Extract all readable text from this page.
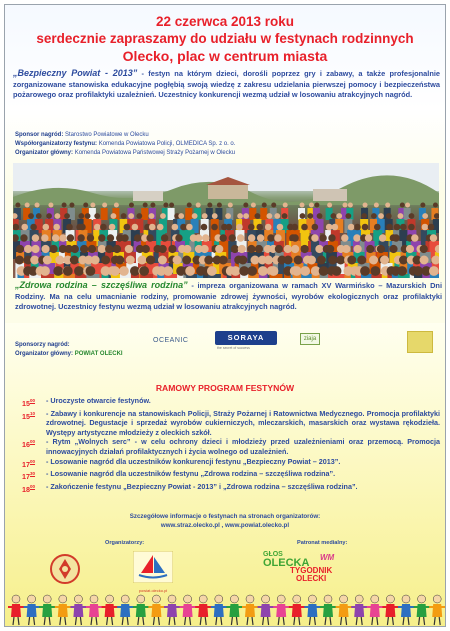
22 czerwca 2013 roku
serdecznie zapraszamy do udziału w festynach rodzinnych
Olecko, plac w centrum miasta
„Bezpieczny Powiat - 2013” - festyn na którym dzieci, dorośli poprzez gry i zabawy, a także profesjonalnie zorganizowane stanowiska edukacyjne pogłębią swoją wiedzę z zakresu udzielania pierwszej pomocy i bezpieczeństwa pożarowego oraz profilaktyki uzależnień. Uczestnicy konkurencji wezmą udział w losowaniu atrakcyjnych nagród.
Sponsor nagród: Starostwo Powiatowe w Olecku
Współorganizatorzy festynu: Komenda Powiatowa Policji, OLMEDICA Sp. z o. o.
Organizator główny: Komenda Powiatowa Państwowej Straży Pożarnej w Olecku
„Zdrowa rodzina – szczęśliwa rodzina” - impreza organizowana w ramach XV Warmińsko – Mazurskich Dni Rodziny. Ma na celu umacnianie rodziny, promowanie zdrowej żywności, wyrobów ekologicznych oraz profilaktyki zdrowotnej. Uczestnicy festynu wezmą udział w losowaniu atrakcyjnych nagród.
Sponsorzy nagród:
Organizator główny: POWIAT OLECKI
OCEANIC	SORAYA
the secret of success
ziaja
RAMOWY PROGRAM FESTYNÓW
$15^{00}$	- Uroczyste otwarcie festynów.
$15^{10}$	- Zabawy i konkurencje na stanowiskach Policji, Straży Pożarnej i Ratownictwa Medycznego. Promocja profilaktyki zdrowotnej. Degustacje i sprzedaż wyrobów cukierniczych, mleczarskich, masarskich oraz wystawa rękodzieła. Występy artystyczne młodzieży z oleckich szkół.
$16^{00}$	- Rytm „Wolnych serc” - w celu ochrony dzieci i młodzieży przed uzależnieniami oraz przemocą. Promocja innowacyjnych działań profilaktycznych i życia wolnego od uzależnień.
$17^{00}$	- Losowanie nagród dla uczestników konkurencji festynu „Bezpieczny Powiat – 2013”.
$17^{30}$	- Losowanie nagród dla uczestników festynu „Zdrowa rodzina – szczęśliwa rodzina”.
$18^{00}$	- Zakończenie festynu „Bezpieczny Powiat - 2013” i „Zdrowa rodzina – szczęśliwa rodzina”.
Szczegółowe informacje o festynach na stronach organizatorów:
www.straz.olecko.pl , www.powiat.olecko.pl
Organizatorzy:	Patronat medialny:
powiat.olecko.pl
GŁOS
OLECKA WM
TYGODNIK
OLECKI
